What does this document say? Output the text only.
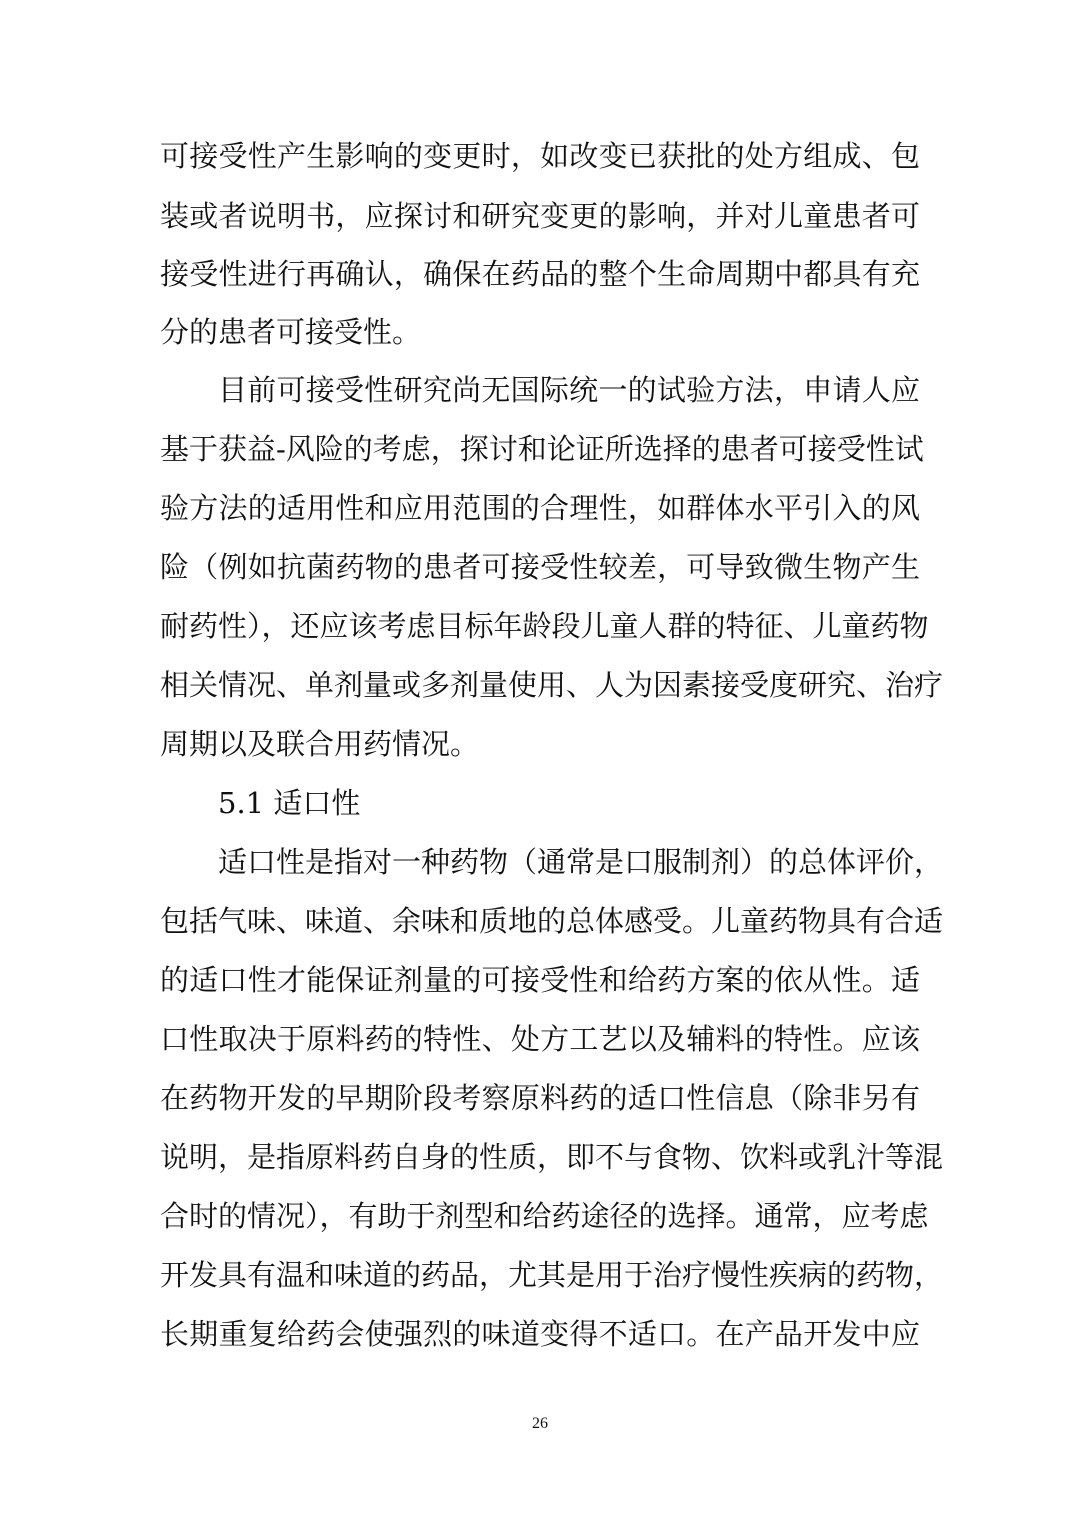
可接受性产生影响的变更时，如改变已获批的处方组成、包
装或者说明书，应探讨和研究变更的影响，并对儿童患者可
接受性进行再确认，确保在药品的整个生命周期中都具有充
分的患者可接受性。
目前可接受性研究尚无国际统一的试验方法，申请人应
基于获益-风险的考虑，探讨和论证所选择的患者可接受性试
验方法的适用性和应用范围的合理性，如群体水平引入的风
险（例如抗菌药物的患者可接受性较差，可导致微生物产生
耐药性），还应该考虑目标年龄段儿童人群的特征、儿童药物
相关情况、单剂量或多剂量使用、人为因素接受度研究、治疗
周期以及联合用药情况。
5.1 适口性
适口性是指对一种药物（通常是口服制剂）的总体评价，
包括气味、味道、余味和质地的总体感受。儿童药物具有合适
的适口性才能保证剂量的可接受性和给药方案的依从性。适
口性取决于原料药的特性、处方工艺以及辅料的特性。应该
在药物开发的早期阶段考察原料药的适口性信息（除非另有
说明，是指原料药自身的性质，即不与食物、饮料或乳汁等混
合时的情况），有助于剂型和给药途径的选择。通常，应考虑
开发具有温和味道的药品，尤其是用于治疗慢性疾病的药物，
长期重复给药会使强烈的味道变得不适口。在产品开发中应
26
